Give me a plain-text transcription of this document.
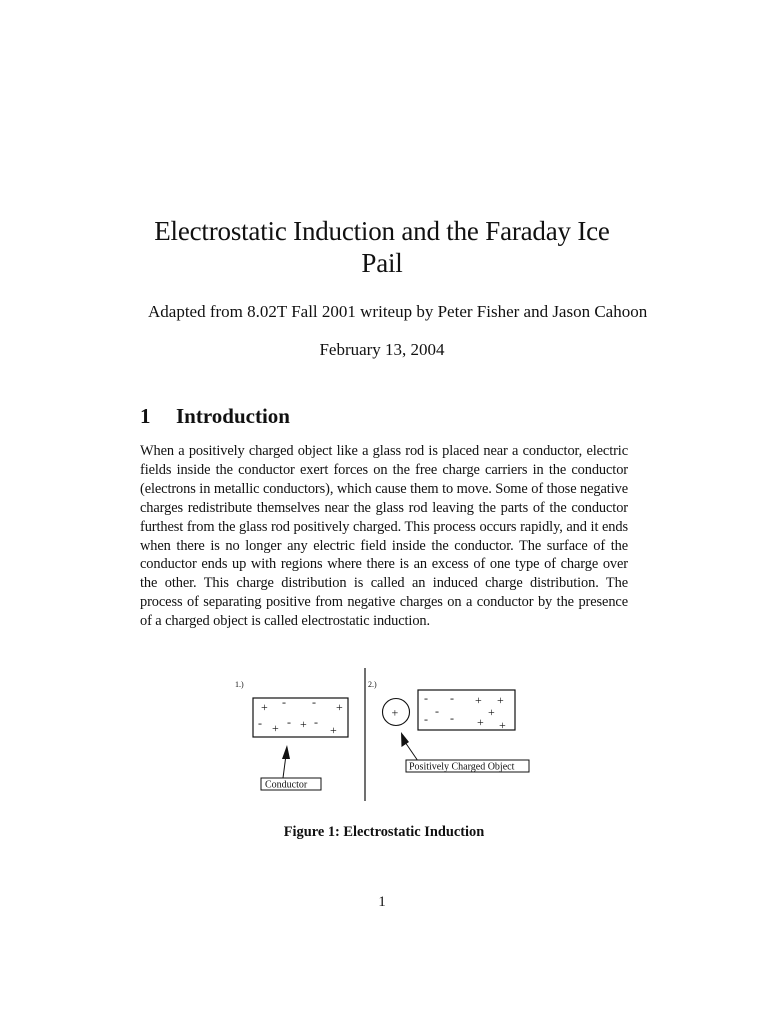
Electrostatic Induction and the Faraday Ice Pail
Adapted from 8.02T Fall 2001 writeup by Peter Fisher and Jason Cahoon
February 13, 2004
1 Introduction
When a positively charged object like a glass rod is placed near a conductor, electric fields inside the conductor exert forces on the free charge carriers in the conductor (electrons in metallic conductors), which cause them to move. Some of those negative charges redistribute themselves near the glass rod leaving the parts of the conductor furthest from the glass rod positively charged. This process occurs rapidly, and it ends when there is no longer any electric field inside the conductor. The surface of the conductor ends up with regions where there is an excess of one type of charge over the other. This charge distribution is called an induced charge distribution. The process of separating positive from negative charges on a conductor by the presence of a charged object is called electrostatic induction.
1.)	2.)
+ - - +
- + - + -
+
Conductor
+
- - + +
-	+
- - + +
Positively Charged Object
Figure 1: Electrostatic Induction
1
